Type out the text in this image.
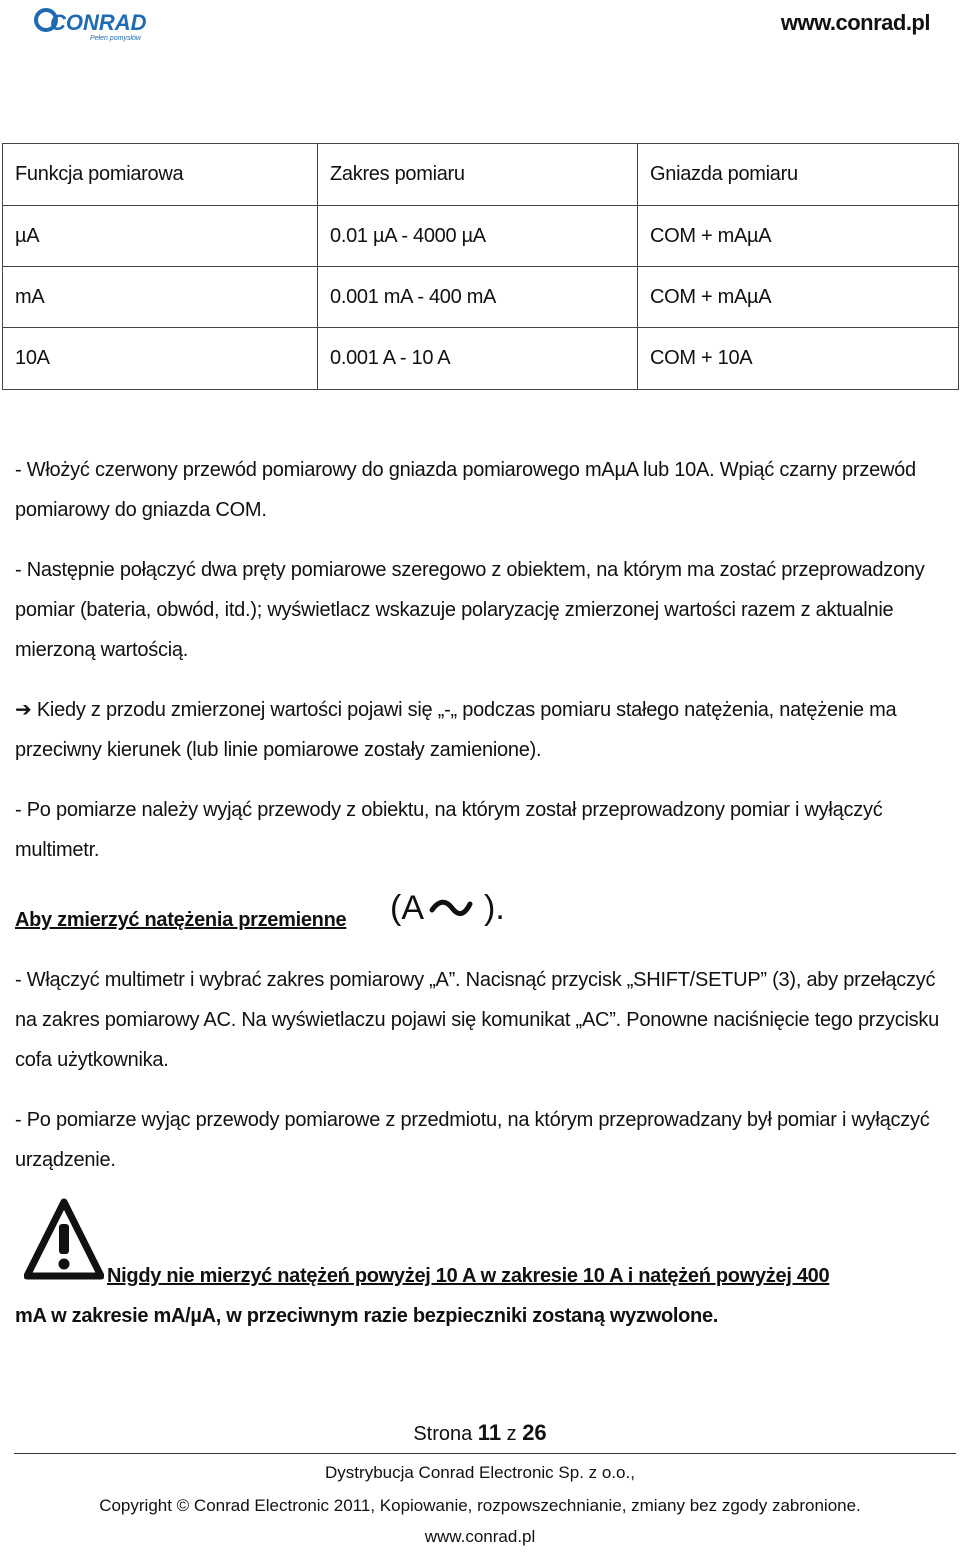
CONRAD
Pełen pomysłów
www.conrad.pl
Funkcja pomiarowa	Zakres pomiaru	Gniazda pomiaru
µA	0.01 µA - 4000 µA	COM + mAµA
mA	0.001 mA - 400 mA	COM + mAµA
10A	0.001 A - 10 A	COM + 10A

- Włożyć czerwony przewód pomiarowy do gniazda pomiarowego mAµA lub 10A. Wpiąć czarny przewód pomiarowy do gniazda COM.

- Następnie połączyć dwa pręty pomiarowe szeregowo z obiektem, na którym ma zostać przeprowadzony pomiar (bateria, obwód, itd.); wyświetlacz wskazuje polaryzację zmierzonej wartości razem z aktualnie mierzoną wartością.

➔ Kiedy z przodu zmierzonej wartości pojawi się „-„ podczas pomiaru stałego natężenia, natężenie ma przeciwny kierunek (lub linie pomiarowe zostały zamienione).

- Po pomiarze należy wyjąć przewody z obiektu, na którym został przeprowadzony pomiar i wyłączyć multimetr.

Aby zmierzyć natężenia przemienne (A ).

- Włączyć multimetr i wybrać zakres pomiarowy „A”. Nacisnąć przycisk „SHIFT/SETUP” (3), aby przełączyć na zakres pomiarowy AC. Na wyświetlaczu pojawi się komunikat „AC”. Ponowne naciśnięcie tego przycisku cofa użytkownika.

- Po pomiarze wyjąc przewody pomiarowe z przedmiotu, na którym przeprowadzany był pomiar i wyłączyć urządzenie.

Nigdy nie mierzyć natężeń powyżej 10 A w zakresie 10 A i natężeń powyżej 400
mA w zakresie mA/µA, w przeciwnym razie bezpieczniki zostaną wyzwolone.
Strona 11 z 26
Dystrybucja Conrad Electronic Sp. z o.o.,
Copyright © Conrad Electronic 2011, Kopiowanie, rozpowszechnianie, zmiany bez zgody zabronione.
www.conrad.pl
